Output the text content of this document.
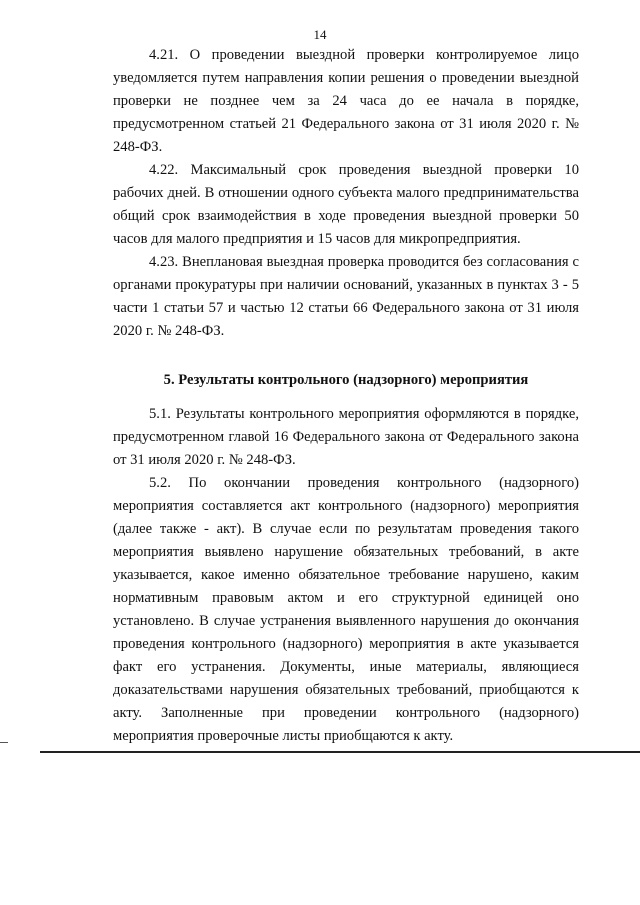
14

4.21. О проведении выездной проверки контролируемое лицо уведомляется путем направления копии решения о проведении выездной проверки не позднее чем за 24 часа до ее начала в порядке, предусмотренном статьей 21 Федерального закона от 31 июля 2020 г. № 248-ФЗ.

4.22. Максимальный срок проведения выездной проверки 10 рабочих дней. В отношении одного субъекта малого предпринимательства общий срок взаимодействия в ходе проведения выездной проверки 50 часов для малого предприятия и 15 часов для микропредприятия.

4.23. Внеплановая выездная проверка проводится без согласования с органами прокуратуры при наличии оснований, указанных в пунктах 3 - 5 части 1 статьи 57 и частью 12 статьи 66 Федерального закона от 31 июля 2020 г. № 248-ФЗ.

5. Результаты контрольного (надзорного) мероприятия

5.1. Результаты контрольного мероприятия оформляются в порядке, предусмотренном главой 16 Федерального закона от Федерального закона от 31 июля 2020 г. № 248-ФЗ.

5.2. По окончании проведения контрольного (надзорного) мероприятия составляется акт контрольного (надзорного) мероприятия (далее также - акт). В случае если по результатам проведения такого мероприятия выявлено нарушение обязательных требований, в акте указывается, какое именно обязательное требование нарушено, каким нормативным правовым актом и его структурной единицей оно установлено. В случае устранения выявленного нарушения до окончания проведения контрольного (надзорного) мероприятия в акте указывается факт его устранения. Документы, иные материалы, являющиеся доказательствами нарушения обязательных требований, приобщаются к акту. Заполненные при проведении контрольного (надзорного) мероприятия проверочные листы приобщаются к акту.
